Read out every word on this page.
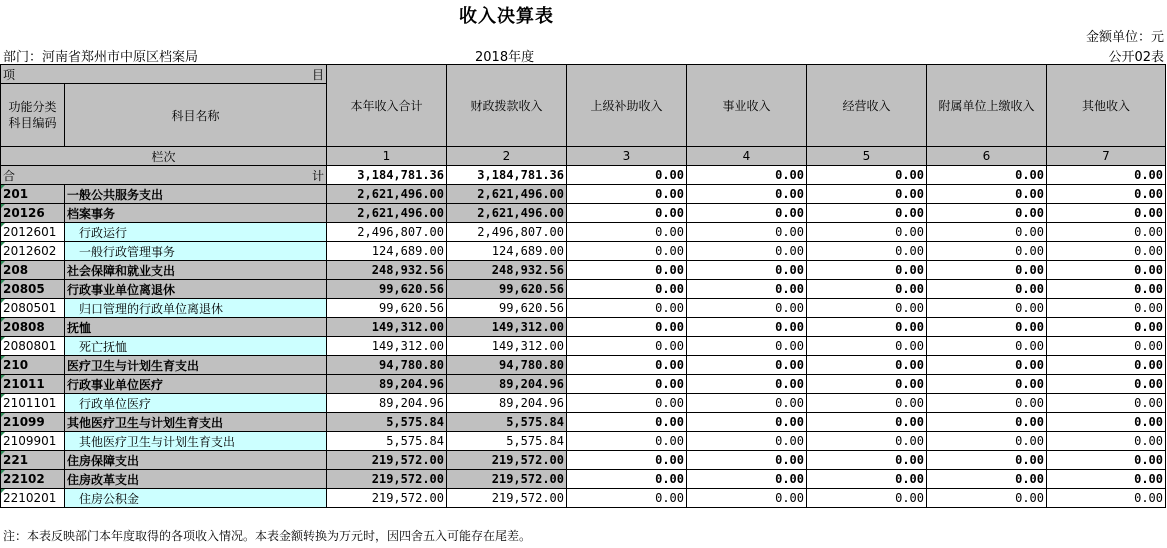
收入决算表
金额单位：元
部门：河南省郑州市中原区档案局	2018年度	公开02表
项 目		本年收入合计	财政拨款收入	上级补助收入	事业收入	经营收入	附属单位上缴收入	其他收入
功能分类科目编码	科目名称							
栏次		1	2	3	4	5	6	7

合 计		3,184,781.36	3,184,781.36	0.00	0.00	0.00	0.00	0.00
201	一般公共服务支出	2,621,496.00	2,621,496.00	0.00	0.00	0.00	0.00	0.00
20126	档案事务	2,621,496.00	2,621,496.00	0.00	0.00	0.00	0.00	0.00
2012601	行政运行	2,496,807.00	2,496,807.00	0.00	0.00	0.00	0.00	0.00
2012602	一般行政管理事务	124,689.00	124,689.00	0.00	0.00	0.00	0.00	0.00
208	社会保障和就业支出	248,932.56	248,932.56	0.00	0.00	0.00	0.00	0.00
20805	行政事业单位离退休	99,620.56	99,620.56	0.00	0.00	0.00	0.00	0.00
2080501	归口管理的行政单位离退休	99,620.56	99,620.56	0.00	0.00	0.00	0.00	0.00
20808	抚恤	149,312.00	149,312.00	0.00	0.00	0.00	0.00	0.00
2080801	死亡抚恤	149,312.00	149,312.00	0.00	0.00	0.00	0.00	0.00
210	医疗卫生与计划生育支出	94,780.80	94,780.80	0.00	0.00	0.00	0.00	0.00
21011	行政事业单位医疗	89,204.96	89,204.96	0.00	0.00	0.00	0.00	0.00
2101101	行政单位医疗	89,204.96	89,204.96	0.00	0.00	0.00	0.00	0.00
21099	其他医疗卫生与计划生育支出	5,575.84	5,575.84	0.00	0.00	0.00	0.00	0.00
2109901	其他医疗卫生与计划生育支出	5,575.84	5,575.84	0.00	0.00	0.00	0.00	0.00
221	住房保障支出	219,572.00	219,572.00	0.00	0.00	0.00	0.00	0.00
22102	住房改革支出	219,572.00	219,572.00	0.00	0.00	0.00	0.00	0.00
2210201	住房公积金	219,572.00	219,572.00	0.00	0.00	0.00	0.00	0.00
注：本表反映部门本年度取得的各项收入情况。本表金额转换为万元时，因四舍五入可能存在尾差。
